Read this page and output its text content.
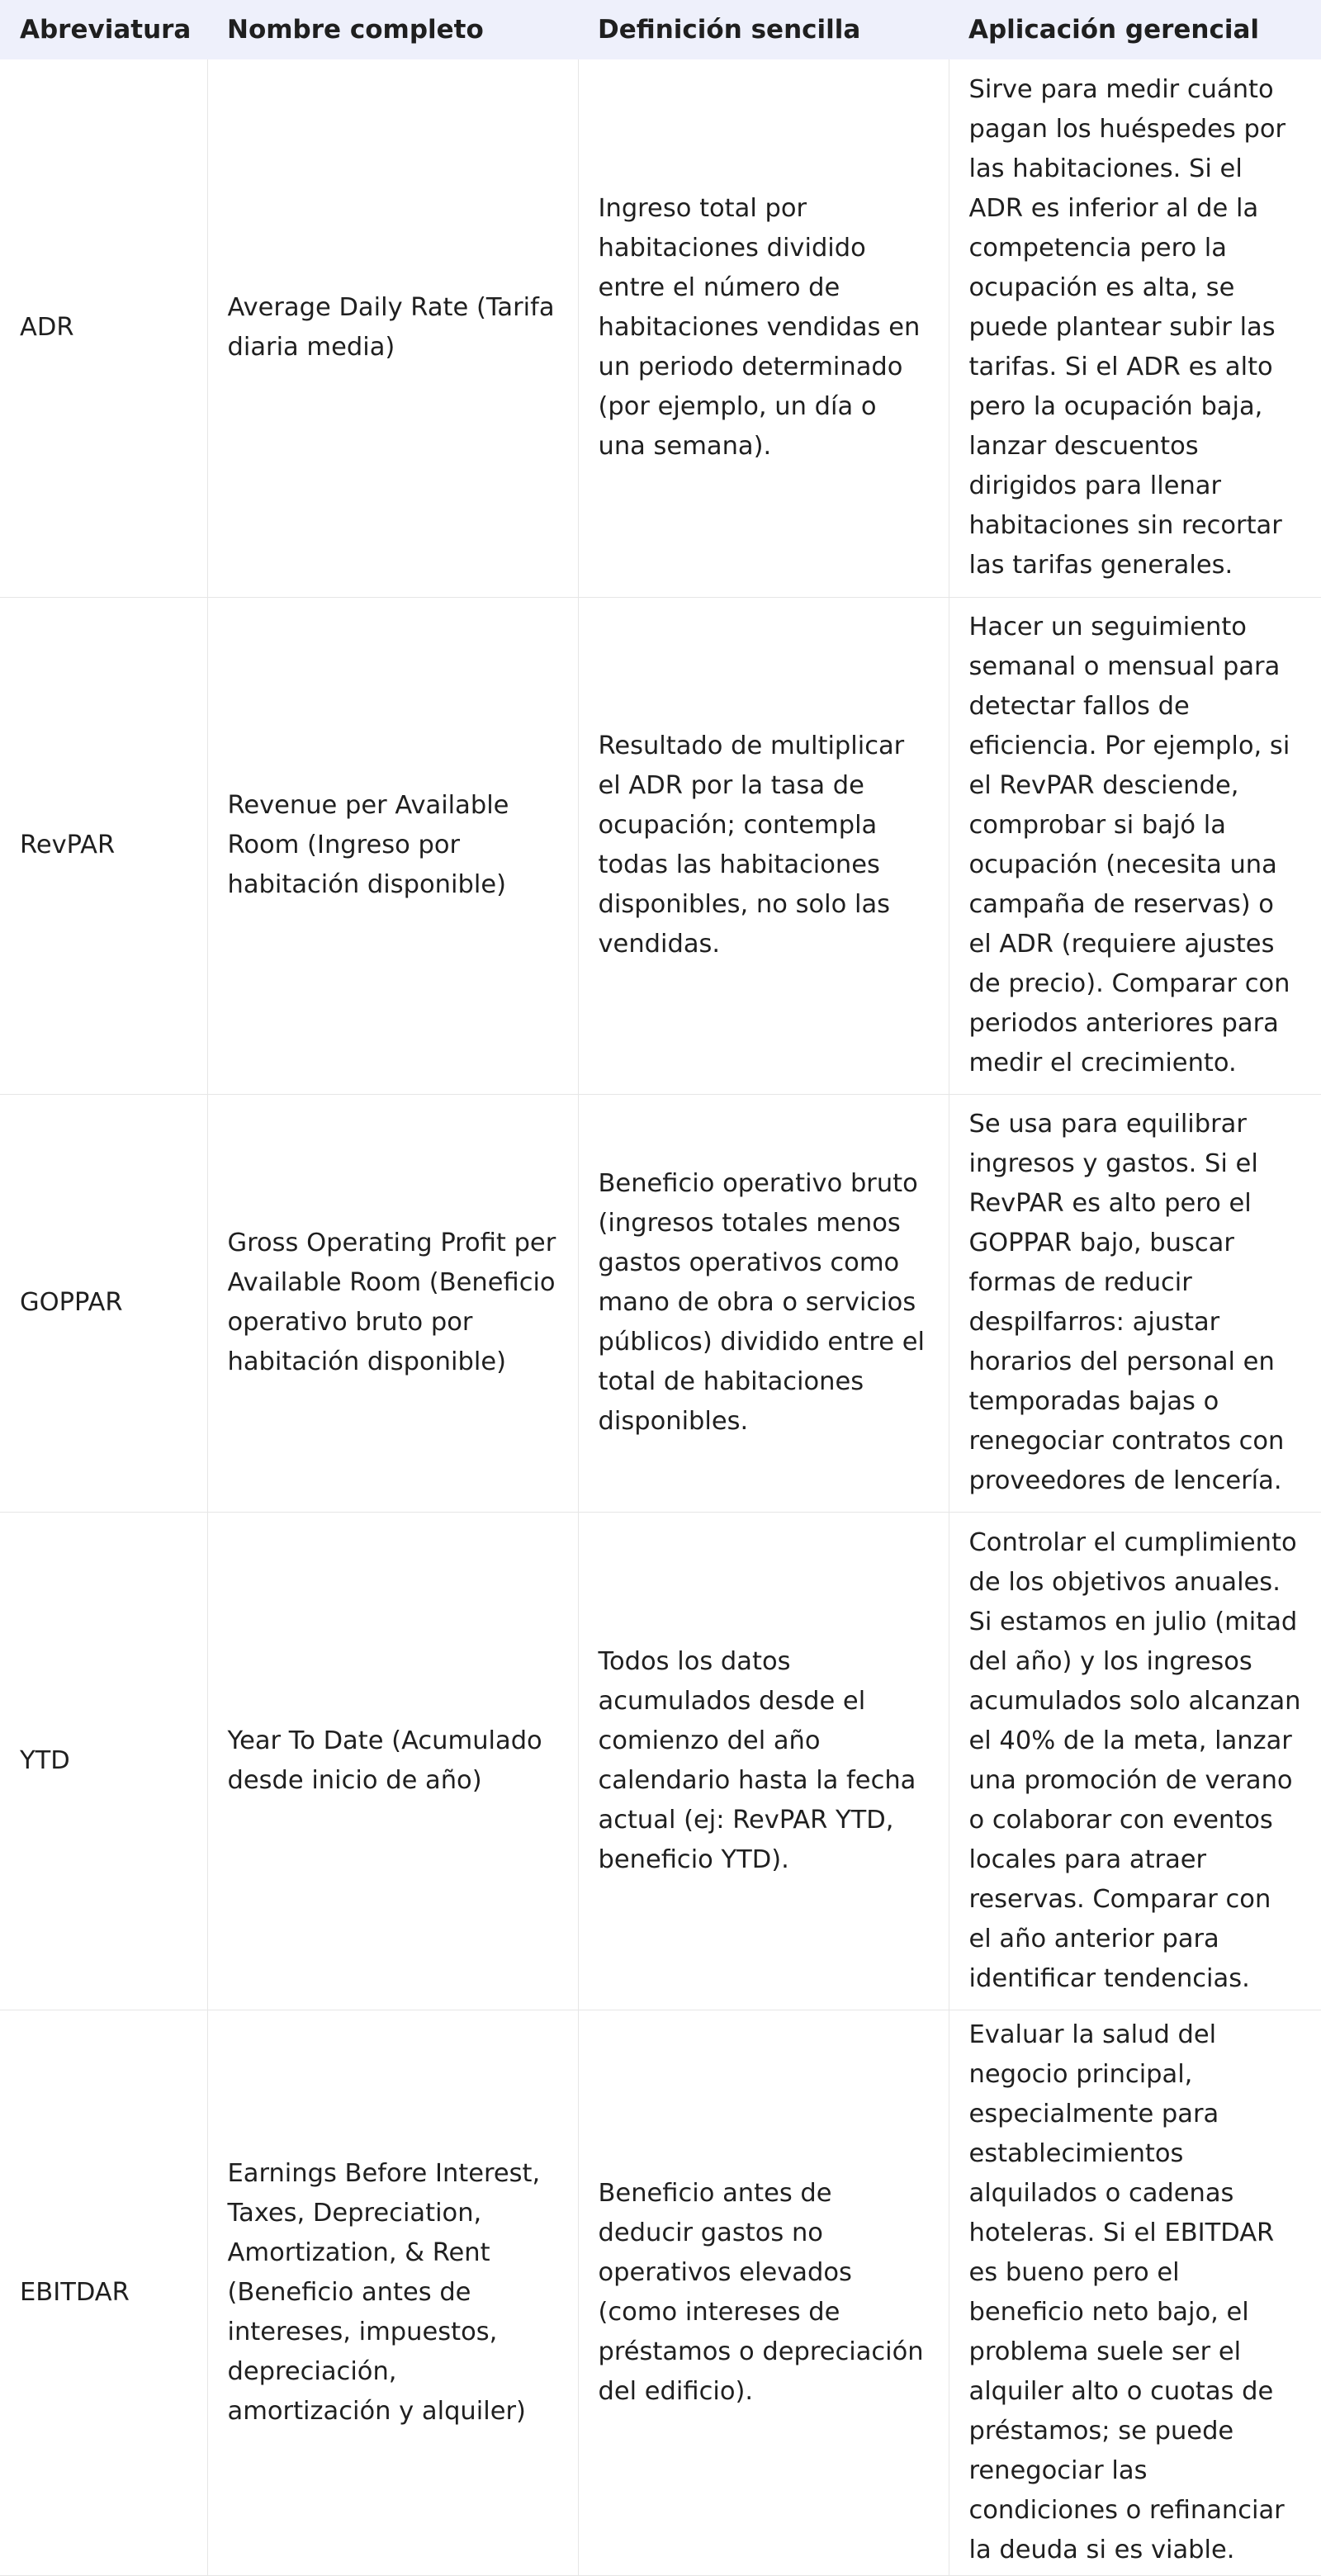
Abreviatura	Nombre completo	Definición sencilla	Aplicación gerencial
ADR	Average Daily Rate (Tarifa diaria media)	Ingreso total por habitaciones dividido entre el número de habitaciones vendidas en un periodo determinado (por ejemplo, un día o una semana).	Sirve para medir cuánto pagan los huéspedes por las habitaciones. Si el ADR es inferior al de la competencia pero la ocupación es alta, se puede plantear subir las tarifas. Si el ADR es alto pero la ocupación baja, lanzar descuentos dirigidos para llenar habitaciones sin recortar las tarifas generales.
RevPAR	Revenue per Available Room (Ingreso por habitación disponible)	Resultado de multiplicar el ADR por la tasa de ocupación; contempla todas las habitaciones disponibles, no solo las vendidas.	Hacer un seguimiento semanal o mensual para detectar fallos de eficiencia. Por ejemplo, si el RevPAR desciende, comprobar si bajó la ocupación (necesita una campaña de reservas) o el ADR (requiere ajustes de precio). Comparar con periodos anteriores para medir el crecimiento.
GOPPAR	Gross Operating Profit per Available Room (Beneficio operativo bruto por habitación disponible)	Beneficio operativo bruto (ingresos totales menos gastos operativos como mano de obra o servicios públicos) dividido entre el total de habitaciones disponibles.	Se usa para equilibrar ingresos y gastos. Si el RevPAR es alto pero el GOPPAR bajo, buscar formas de reducir despilfarros: ajustar horarios del personal en temporadas bajas o renegociar contratos con proveedores de lencería.
YTD	Year To Date (Acumulado desde inicio de año)	Todos los datos acumulados desde el comienzo del año calendario hasta la fecha actual (ej: RevPAR YTD, beneficio YTD).	Controlar el cumplimiento de los objetivos anuales. Si estamos en julio (mitad del año) y los ingresos acumulados solo alcanzan el 40% de la meta, lanzar una promoción de verano o colaborar con eventos locales para atraer reservas. Comparar con el año anterior para identificar tendencias.
EBITDAR	Earnings Before Interest, Taxes, Depreciation, Amortization, & Rent (Beneficio antes de intereses, impuestos, depreciación, amortización y alquiler)	Beneficio antes de deducir gastos no operativos elevados (como intereses de préstamos o depreciación del edificio).	Evaluar la salud del negocio principal, especialmente para establecimientos alquilados o cadenas hoteleras. Si el EBITDAR es bueno pero el beneficio neto bajo, el problema suele ser el alquiler alto o cuotas de préstamos; se puede renegociar las condiciones o refinanciar la deuda si es viable.
